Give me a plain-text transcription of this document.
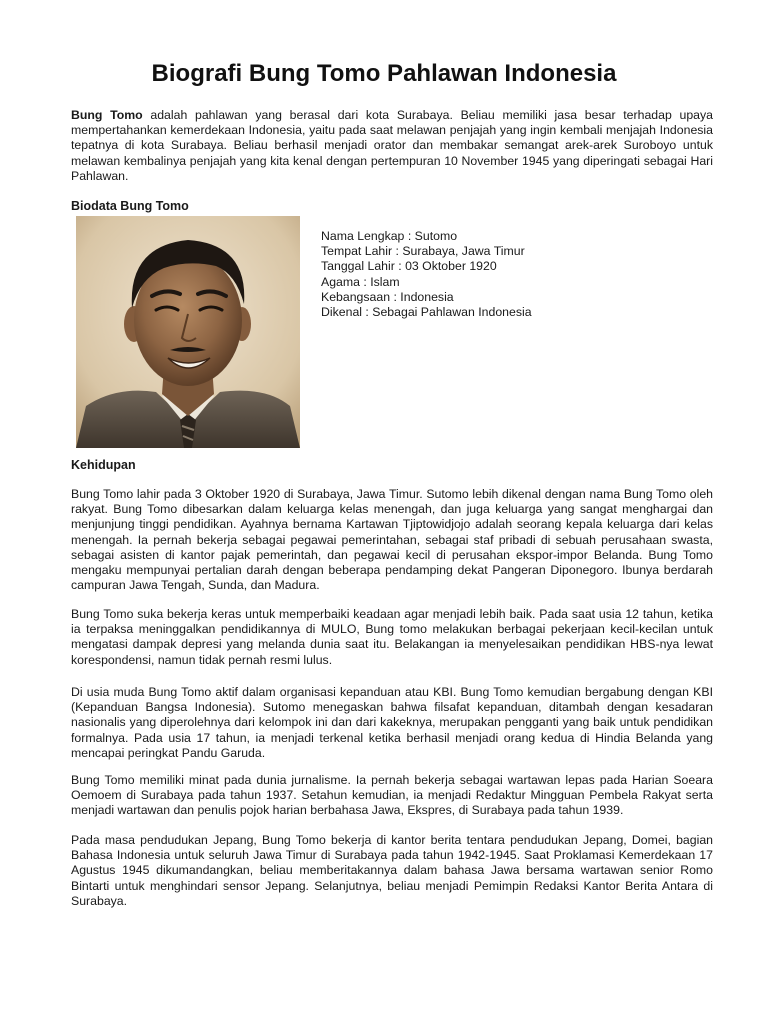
Biografi Bung Tomo Pahlawan Indonesia

Bung Tomo adalah pahlawan yang berasal dari kota Surabaya. Beliau memiliki jasa besar terhadap upaya mempertahankan kemerdekaan Indonesia, yaitu pada saat melawan penjajah yang ingin kembali menjajah Indonesia tepatnya di kota Surabaya. Beliau berhasil menjadi orator dan membakar semangat arek-arek Suroboyo untuk melawan kembalinya penjajah yang kita kenal dengan pertempuran 10 November 1945 yang diperingati sebagai Hari Pahlawan.

Biodata Bung Tomo

Nama Lengkap : Sutomo
Tempat Lahir : Surabaya, Jawa Timur
Tanggal Lahir : 03 Oktober 1920
Agama : Islam
Kebangsaan : Indonesia
Dikenal : Sebagai Pahlawan Indonesia

Kehidupan

Bung Tomo lahir pada 3 Oktober 1920 di Surabaya, Jawa Timur. Sutomo lebih dikenal dengan nama Bung Tomo oleh rakyat. Bung Tomo dibesarkan dalam keluarga kelas menengah, dan juga keluarga yang sangat menghargai dan menjunjung tinggi pendidikan. Ayahnya bernama Kartawan Tjiptowidjojo adalah seorang kepala keluarga dari kelas menengah. Ia pernah bekerja sebagai pegawai pemerintahan, sebagai staf pribadi di sebuah perusahaan swasta, sebagai asisten di kantor pajak pemerintah, dan pegawai kecil di perusahan ekspor-impor Belanda. Bung Tomo mengaku mempunyai pertalian darah dengan beberapa pendamping dekat Pangeran Diponegoro. Ibunya berdarah campuran Jawa Tengah, Sunda, dan Madura.

Bung Tomo suka bekerja keras untuk memperbaiki keadaan agar menjadi lebih baik. Pada saat usia 12 tahun, ketika ia terpaksa meninggalkan pendidikannya di MULO, Bung tomo melakukan berbagai pekerjaan kecil-kecilan untuk mengatasi dampak depresi yang melanda dunia saat itu. Belakangan ia menyelesaikan pendidikan HBS-nya lewat korespondensi, namun tidak pernah resmi lulus.

Di usia muda Bung Tomo aktif dalam organisasi kepanduan atau KBI. Bung Tomo kemudian bergabung dengan KBI (Kepanduan Bangsa Indonesia). Sutomo menegaskan bahwa filsafat kepanduan, ditambah dengan kesadaran nasionalis yang diperolehnya dari kelompok ini dan dari kakeknya, merupakan pengganti yang baik untuk pendidikan formalnya. Pada usia 17 tahun, ia menjadi terkenal ketika berhasil menjadi orang kedua di Hindia Belanda yang mencapai peringkat Pandu Garuda.

Bung Tomo memiliki minat pada dunia jurnalisme. Ia pernah bekerja sebagai wartawan lepas pada Harian Soeara Oemoem di Surabaya pada tahun 1937. Setahun kemudian, ia menjadi Redaktur Mingguan Pembela Rakyat serta menjadi wartawan dan penulis pojok harian berbahasa Jawa, Ekspres, di Surabaya pada tahun 1939.

Pada masa pendudukan Jepang, Bung Tomo bekerja di kantor berita tentara pendudukan Jepang, Domei, bagian Bahasa Indonesia untuk seluruh Jawa Timur di Surabaya pada tahun 1942-1945. Saat Proklamasi Kemerdekaan 17 Agustus 1945 dikumandangkan, beliau memberitakannya dalam bahasa Jawa bersama wartawan senior Romo Bintarti untuk menghindari sensor Jepang. Selanjutnya, beliau menjadi Pemimpin Redaksi Kantor Berita Antara di Surabaya.
